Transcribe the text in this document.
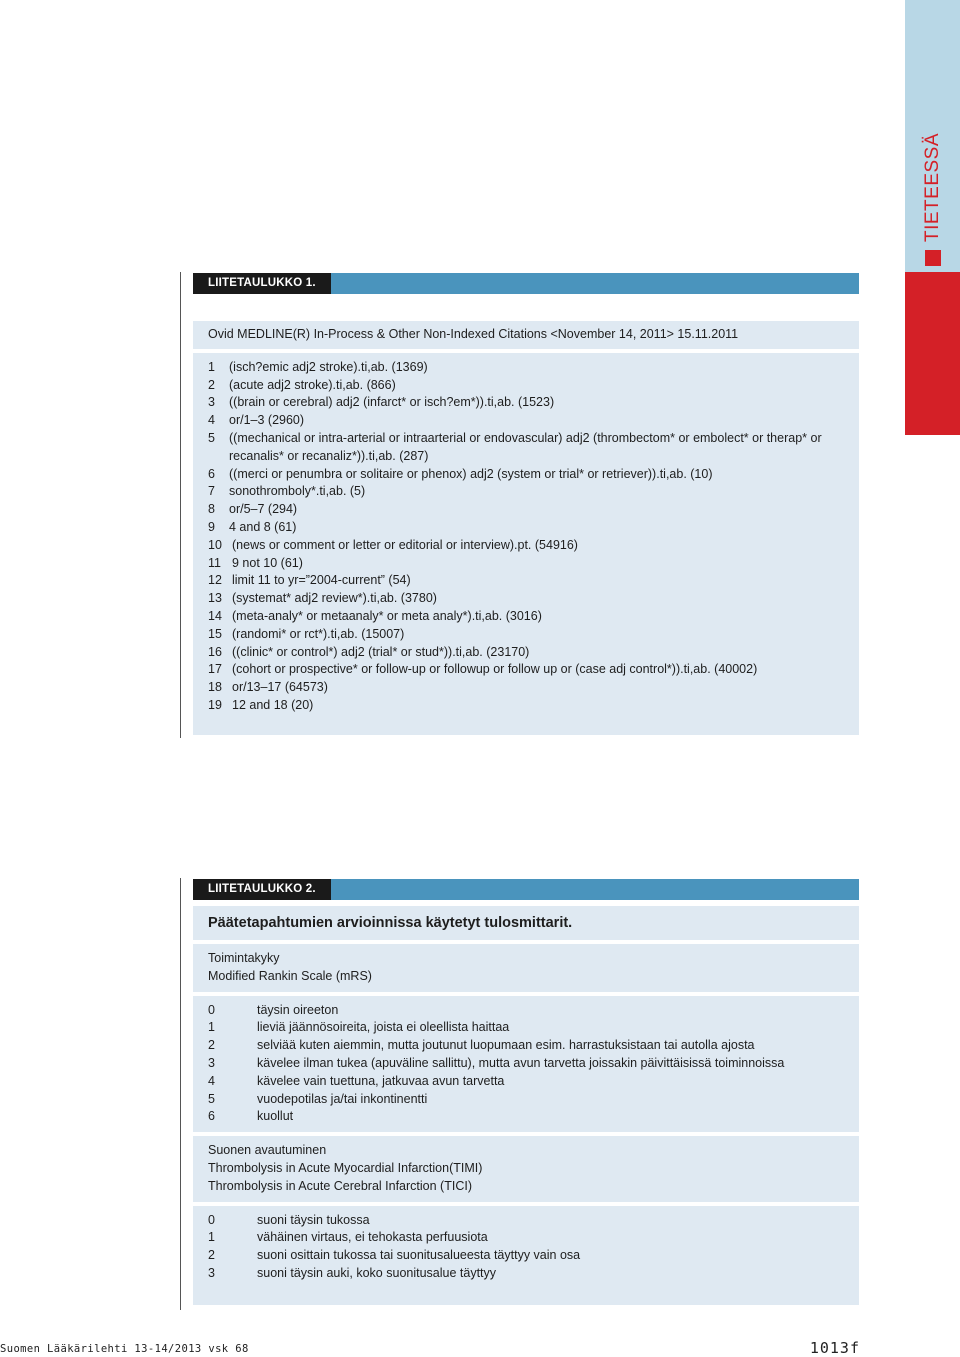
TIETEESSÄ
LIITETAULUKKO 1.
Ovid MEDLINE(R) In-Process & Other Non-Indexed Citations <November 14, 2011> 15.11.2011
1	(isch?emic adj2 stroke).ti,ab. (1369)
2	(acute adj2 stroke).ti,ab. (866)
3	((brain or cerebral) adj2 (infarct* or isch?em*)).ti,ab. (1523)
4	or/1–3 (2960)
5	((mechanical or intra-arterial or intraarterial or endovascular) adj2 (thrombectom* or embolect* or therap* or recanalis* or recanaliz*)).ti,ab. (287)
6	((merci or penumbra or solitaire or phenox) adj2 (system or trial* or retriever)).ti,ab. (10)
7	sonothromboly*.ti,ab. (5)
8	or/5–7 (294)
9	4 and 8 (61)
10 (news or comment or letter or editorial or interview).pt. (54916)
11 9 not 10 (61)
12 limit 11 to yr=”2004-current” (54)
13 (systemat* adj2 review*).ti,ab. (3780)
14 (meta-analy* or metaanaly* or meta analy*).ti,ab. (3016)
15 (randomi* or rct*).ti,ab. (15007)
16 ((clinic* or control*) adj2 (trial* or stud*)).ti,ab. (23170)
17 (cohort or prospective* or follow-up or followup or follow up or (case adj control*)).ti,ab. (40002)
18 or/13–17 (64573)
19 12 and 18 (20)
LIITETAULUKKO 2.
Päätetapahtumien arvioinnissa käytetyt tulosmittarit.
Toimintakyky
Modified Rankin Scale (mRS)
0	täysin oireeton
1	lieviä jäännösoireita, joista ei oleellista haittaa
2	selviää kuten aiemmin, mutta joutunut luopumaan esim. harrastuksistaan tai autolla ajosta
3	kävelee ilman tukea (apuväline sallittu), mutta avun tarvetta joissakin päivittäisissä toiminnoissa
4	kävelee vain tuettuna, jatkuvaa avun tarvetta
5	vuodepotilas ja/tai inkontinentti
6	kuollut
Suonen avautuminen
Thrombolysis in Acute Myocardial Infarction(TIMI)
Thrombolysis in Acute Cerebral Infarction (TICI)
0	suoni täysin tukossa
1	vähäinen virtaus, ei tehokasta perfuusiota
2	suoni osittain tukossa tai suonitusalueesta täyttyy vain osa
3	suoni täysin auki, koko suonitusalue täyttyy
Suomen Lääkärilehti 13-14/2013 vsk 68	1013f
